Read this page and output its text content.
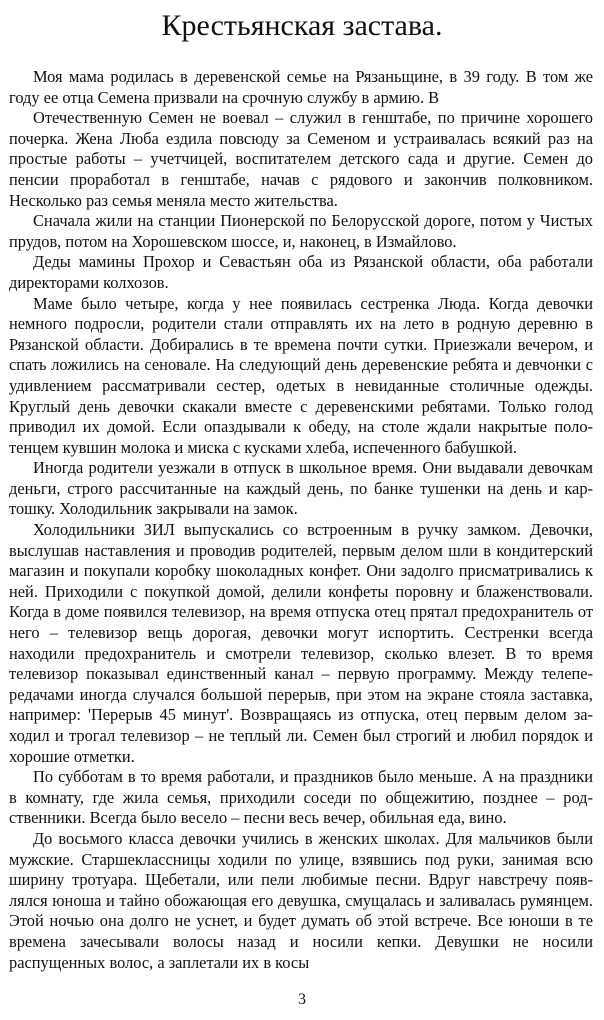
Крестьянская застава.

Моя мама родилась в деревенской семье на Рязаньщине, в 39 году. В том же году ее отца Семена призвали на срочную службу в армию. В

Отечественную Семен не воевал – служил в генштабе, по причине хорошего почерка. Жена Люба ездила повсюду за Семеном и устраивалась всякий раз на простые работы – учетчицей, воспитателем детского сада и другие. Семен до пенсии проработал в генштабе, начав с рядового и закончив полковником. Несколько раз семья меняла место жительства.

Сначала жили на станции Пионерской по Белорусской дороге, потом у Чистых прудов, потом на Хорошевском шоссе, и, наконец, в Измайлово.

Деды мамины Прохор и Севастьян оба из Рязанской области, оба работали директорами колхозов.

Маме было четыре, когда у нее появилась сестренка Люда. Когда девочки немного подросли, родители стали отправлять их на лето в родную деревню в Рязанской области. Добирались в те времена почти сутки. Приезжали вечером, и спать ложились на сеновале. На следующий день деревенские ребята и девчонки с удивлением рассматривали сестер, одетых в невиданные столичные одежды. Круглый день девочки скакали вместе с деревенскими ребятами. Только голод приводил их домой. Если опаздывали к обеду, на столе ждали накрытые полотенцем кувшин молока и миска с кусками хлеба, испеченного бабушкой.

Иногда родители уезжали в отпуск в школьное время. Они выдавали девочкам деньги, строго рассчитанные на каждый день, по банке тушенки на день и картошку. Холодильник закрывали на замок.

Холодильники ЗИЛ выпускались со встроенным в ручку замком. Девочки, выслушав наставления и проводив родителей, первым делом шли в кондитерский магазин и покупали коробку шоколадных конфет. Они задолго присматривались к ней. Приходили с покупкой домой, делили конфеты поровну и блаженствовали. Когда в доме появился телевизор, на время отпуска отец прятал предохранитель от него – телевизор вещь дорогая, девочки могут испортить. Сестренки всегда находили предохранитель и смотрели телевизор, сколько влезет. В то время телевизор показывал единственный канал – первую программу. Между телепередачами иногда случался большой перерыв, при этом на экране стояла заставка, например: 'Перерыв 45 минут'. Возвращаясь из отпуска, отец первым делом заходил и трогал телевизор – не теплый ли. Семен был строгий и любил порядок и хорошие отметки.

По субботам в то время работали, и праздников было меньше. А на праздники в комнату, где жила семья, приходили соседи по общежитию, позднее – родственники. Всегда было весело – песни весь вечер, обильная еда, вино.

До восьмого класса девочки учились в женских школах. Для мальчиков были мужские. Старшеклассницы ходили по улице, взявшись под руки, занимая всю ширину тротуара. Щебетали, или пели любимые песни. Вдруг навстречу появлялся юноша и тайно обожающая его девушка, смущалась и заливалась румянцем. Этой ночью она долго не уснет, и будет думать об этой встрече. Все юноши в те времена зачесывали волосы назад и носили кепки. Девушки не носили распущенных волос, а заплетали их в косы

3
